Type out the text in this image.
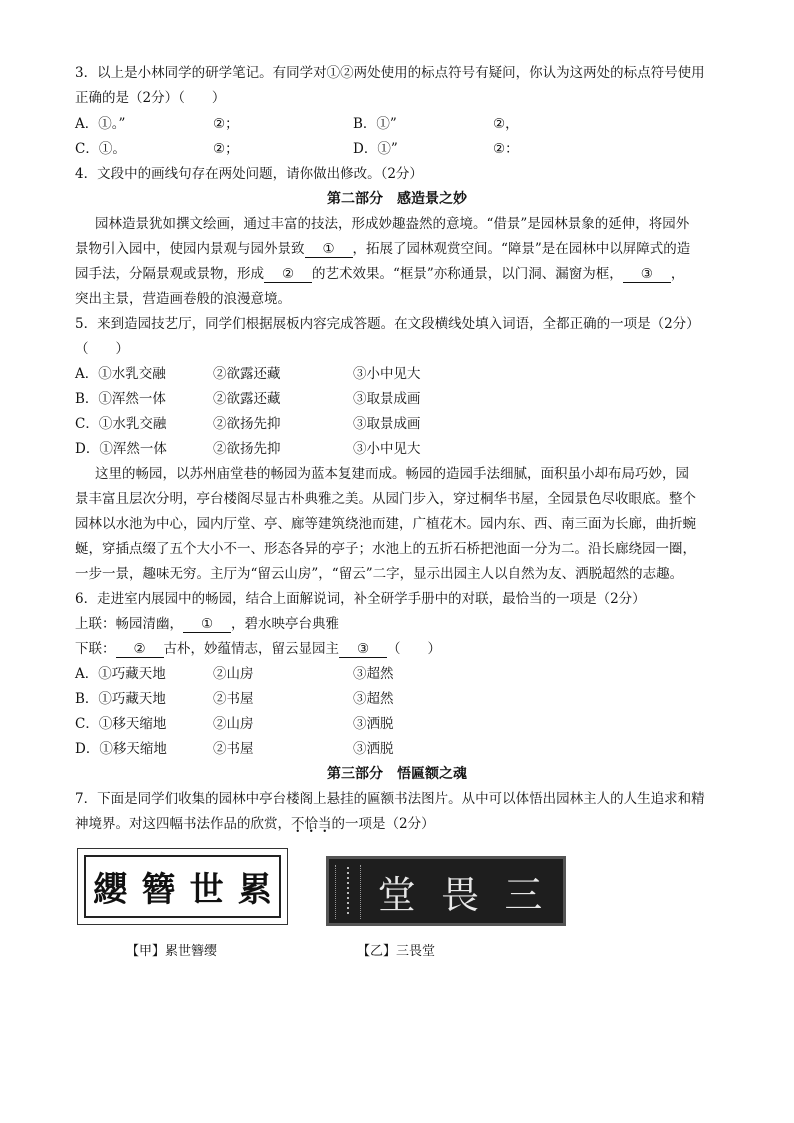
3．以上是小林同学的研学笔记。有同学对①②两处使用的标点符号有疑问，你认为这两处的标点符号使用
正确的是（2分）（　　）
A．①。”	②；	B．①”	②，
C．①。	②；	D．①”	②：
4．文段中的画线句存在两处问题，请你做出修改。（2分）
第二部分　感造景之妙
园林造景犹如撰文绘画，通过丰富的技法，形成妙趣盎然的意境。“借景”是园林景象的延伸，将园外
景物引入园中，使园内景观与园外景致 ① ，拓展了园林观赏空间。“障景”是在园林中以屏障式的造
园手法，分隔景观或景物，形成 ② 的艺术效果。“框景”亦称通景，以门洞、漏窗为框， ③ ，
突出主景，营造画卷般的浪漫意境。
5．来到造园技艺厅，同学们根据展板内容完成答题。在文段横线处填入词语，全都正确的一项是（2分）
（　　）
A．①水乳交融	②欲露还藏	③小中见大
B．①浑然一体	②欲露还藏	③取景成画
C．①水乳交融	②欲扬先抑	③取景成画
D．①浑然一体	②欲扬先抑	③小中见大
这里的畅园，以苏州庙堂巷的畅园为蓝本复建而成。畅园的造园手法细腻，面积虽小却布局巧妙，园
景丰富且层次分明，亭台楼阁尽显古朴典雅之美。从园门步入，穿过桐华书屋，全园景色尽收眼底。整个
园林以水池为中心，园内厅堂、亭、廊等建筑绕池而建，广植花木。园内东、西、南三面为长廊，曲折蜿
蜒，穿插点缀了五个大小不一、形态各异的亭子；水池上的五折石桥把池面一分为二。沿长廊绕园一圈，
一步一景，趣味无穷。主厅为“留云山房”，“留云”二字，显示出园主人以自然为友、洒脱超然的志趣。
6．走进室内展园中的畅园，结合上面解说词，补全研学手册中的对联，最恰当的一项是（2分）
上联：畅园清幽， ① ，碧水映亭台典雅
下联： ② 古朴，妙蕴情志，留云显园主 ③ （　　）
A．①巧藏天地	②山房	③超然
B．①巧藏天地	②书屋	③超然
C．①移天缩地	②山房	③洒脱
D．①移天缩地	②书屋	③洒脱
第三部分　悟匾额之魂
7．下面是同学们收集的园林中亭台楼阁上悬挂的匾额书法图片。从中可以体悟出园林主人的人生追求和精
神境界。对这四幅书法作品的欣赏，不恰当的一项是（2分）
纓 簪 世 累
【甲】累世簪缨
堂 畏 三
【乙】三畏堂
